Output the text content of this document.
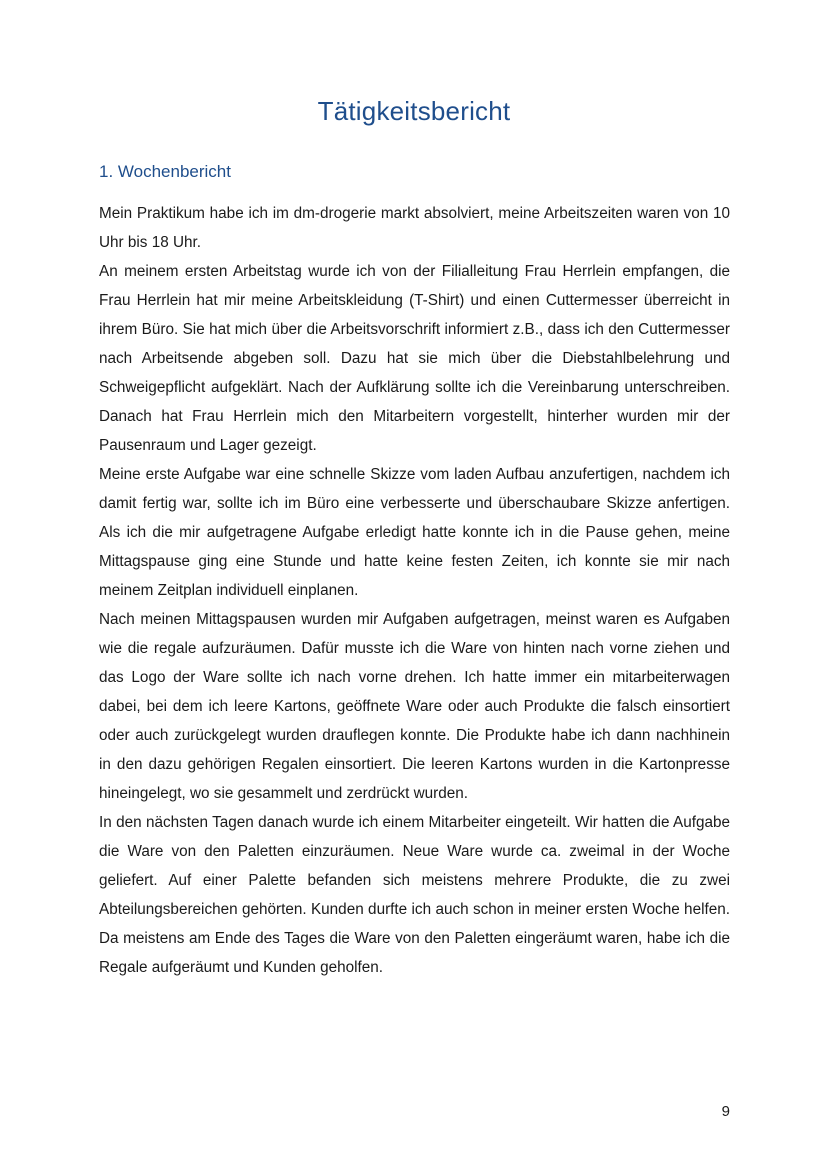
Tätigkeitsbericht
1. Wochenbericht

Mein Praktikum habe ich im dm-drogerie markt absolviert, meine Arbeitszeiten waren von 10 Uhr bis 18 Uhr.

An meinem ersten Arbeitstag wurde ich von der Filialleitung Frau Herrlein empfangen, die Frau Herrlein hat mir meine Arbeitskleidung (T-Shirt) und einen Cuttermesser überreicht in ihrem Büro. Sie hat mich über die Arbeitsvorschrift informiert z.B., dass ich den Cuttermesser nach Arbeitsende abgeben soll. Dazu hat sie mich über die Diebstahlbelehrung und Schweigepflicht aufgeklärt. Nach der Aufklärung sollte ich die Vereinbarung unterschreiben. Danach hat Frau Herrlein mich den Mitarbeitern vorgestellt, hinterher wurden mir der Pausenraum und Lager gezeigt.

Meine erste Aufgabe war eine schnelle Skizze vom laden Aufbau anzufertigen, nachdem ich damit fertig war, sollte ich im Büro eine verbesserte und überschaubare Skizze anfertigen. Als ich die mir aufgetragene Aufgabe erledigt hatte konnte ich in die Pause gehen, meine Mittagspause ging eine Stunde und hatte keine festen Zeiten, ich konnte sie mir nach meinem Zeitplan individuell einplanen.

Nach meinen Mittagspausen wurden mir Aufgaben aufgetragen, meinst waren es Aufgaben wie die regale aufzuräumen. Dafür musste ich die Ware von hinten nach vorne ziehen und das Logo der Ware sollte ich nach vorne drehen. Ich hatte immer ein mitarbeiterwagen dabei, bei dem ich leere Kartons, geöffnete Ware oder auch Produkte die falsch einsortiert oder auch zurückgelegt wurden drauflegen konnte. Die Produkte habe ich dann nachhinein in den dazu gehörigen Regalen einsortiert. Die leeren Kartons wurden in die Kartonpresse hineingelegt, wo sie gesammelt und zerdrückt wurden.

In den nächsten Tagen danach wurde ich einem Mitarbeiter eingeteilt. Wir hatten die Aufgabe die Ware von den Paletten einzuräumen. Neue Ware wurde ca. zweimal in der Woche geliefert. Auf einer Palette befanden sich meistens mehrere Produkte, die zu zwei Abteilungsbereichen gehörten. Kunden durfte ich auch schon in meiner ersten Woche helfen. Da meistens am Ende des Tages die Ware von den Paletten eingeräumt waren, habe ich die Regale aufgeräumt und Kunden geholfen.

9
